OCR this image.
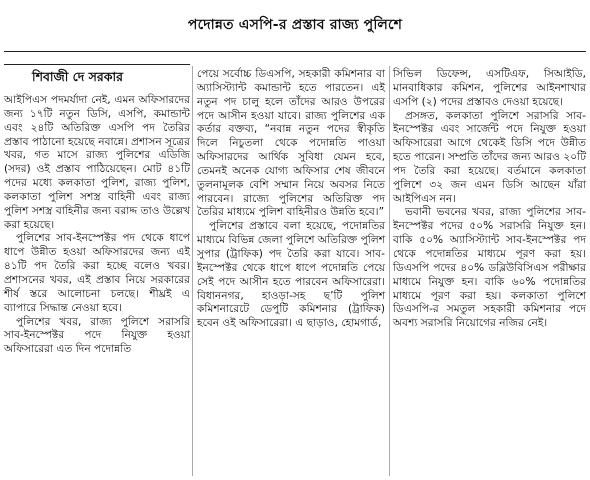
পদোন্নত এসপি-র প্রস্তাব রাজ্য পুলিশে
শিবাজী দে সরকার

আইপিএস পদমর্যাদা নেই, এমন অফিসারদের জন্য ১৭টি নতুন ডিসি, এসপি, কমান্ডান্ট এবং ২৪টি অতিরিক্ত এসপি পদ তৈরির প্রস্তাব পাঠানো হয়েছে নবান্নে। প্রশাসন সূত্রের খবর, গত মাসে রাজ্য পুলিশের এডিজি (সদর) ওই প্রস্তাব পাঠিয়েছেন। মোট ৪১টি পদের মধ্যে কলকাতা পুলিশ, রাজ্য পুলিশ, কলকাতা পুলিশ সশস্ত্র বাহিনী এবং রাজ্য পুলিশ সশস্ত্র বাহিনীর জন্য বরাদ্দ তাও উল্লেখ করা হয়েছে।

পুলিশের সাব-ইনস্পেক্টর পদ থেকে ধাপে ধাপে উন্নীত হওয়া অফিসারদের জন্য এই ৪১টি পদ তৈরি করা হচ্ছে বলেও খবর। প্রশাসনের খবর, এই প্রস্তাব নিয়ে সরকারের শীর্ষ স্তরে আলোচনা চলছে। শীঘ্রই এ ব্যাপারে সিদ্ধান্ত নেওয়া হবে।

পুলিশের খবর, রাজ্য পুলিশে সরাসরি সাব-ইনস্পেক্টর পদে নিযুক্ত হওয়া অফিসারেরা এত দিন পদোন্নতি

পেয়ে সর্বোচ্চ ডিএসপি, সহকারী কমিশনার বা অ্যাসিস্ট্যান্ট কমান্ডান্ট হতে পারতেন। এই নতুন পদ চালু হলে তাঁদের আরও উপরের পদে আসীন হওয়া যাবে। রাজ্য পুলিশের এক কর্তার বক্তব্য, “নবান্ন নতুন পদের স্বীকৃতি দিলে নিচুতলা থেকে পদোন্নতি পাওয়া অফিসারদের আর্থিক সুবিধা যেমন হবে, তেমনই অনেক যোগ্য অফিসার শেষ জীবনে তুলনামূলক বেশি সম্মান নিয়ে অবসর নিতে পারবেন। রাজ্যে পুলিশের অতিরিক্ত পদ তৈরির মাধ্যমে পুলিশ বাহিনীরও উন্নতি হবে।”

পুলিশের প্রস্তাবে বলা হয়েছে, পদোন্নতির মাধ্যমে বিভিন্ন জেলা পুলিশে অতিরিক্ত পুলিশ সুপার (ট্রাফিক) পদ তৈরি করা যাবে। সাব-ইনস্পেক্টর থেকে ধাপে ধাপে পদোন্নতি পেয়ে সেই পদে আসীন হতে পারবেন অফিসারেরা। বিধাননগর, হাওড়া-সহ ছ’টি পুলিশ কমিশনারেটে ডেপুটি কমিশনার (ট্রাফিক) হবেন ওই অফিসারেরা। এ ছাড়াও, হোমগার্ড,

সিভিল ডিফেন্স, এসটিএফ, সিআইডি, মানবাধিকার কমিশন, পুলিশের আইনশাখার এসপি (২) পদের প্রস্তাবও দেওয়া হয়েছে।

প্রসঙ্গত, কলকাতা পুলিশে সরাসরি সাব-ইনস্পেক্টর এবং সার্জেন্ট পদে নিযুক্ত হওয়া অফিসারেরা আগে থেকেই ডিসি পদে উন্নীত হতে পারেন। সম্প্রতি তাঁদের জন্য আরও ২০টি পদ তৈরি করা হয়েছে। বর্তমানে কলকাতা পুলিশে ৩২ জন এমন ডিসি আছেন যাঁরা আইপিএস নন।

ভবানী ভবনের খবর, রাজ্য পুলিশের সাব-ইনস্পেক্টর পদের ৫০% সরাসরি নিযুক্ত হন। বাকি ৫০% অ্যাসিস্ট্যান্ট সাব-ইনস্পেক্টর পদ থেকে পদোন্নতির মাধ্যমে পূরণ করা হয়। ডিএসপি পদের ৪০% ডব্লিউবিসিএস পরীক্ষার মাধ্যমে নিযুক্ত হন। বাকি ৬০% পদোন্নতির মাধ্যমে পূরণ করা হয়। কলকাতা পুলিশে ডিএসপি-র সমতুল সহকারী কমিশনার পদে অবশ্য সরাসরি নিয়োগের নজির নেই।
